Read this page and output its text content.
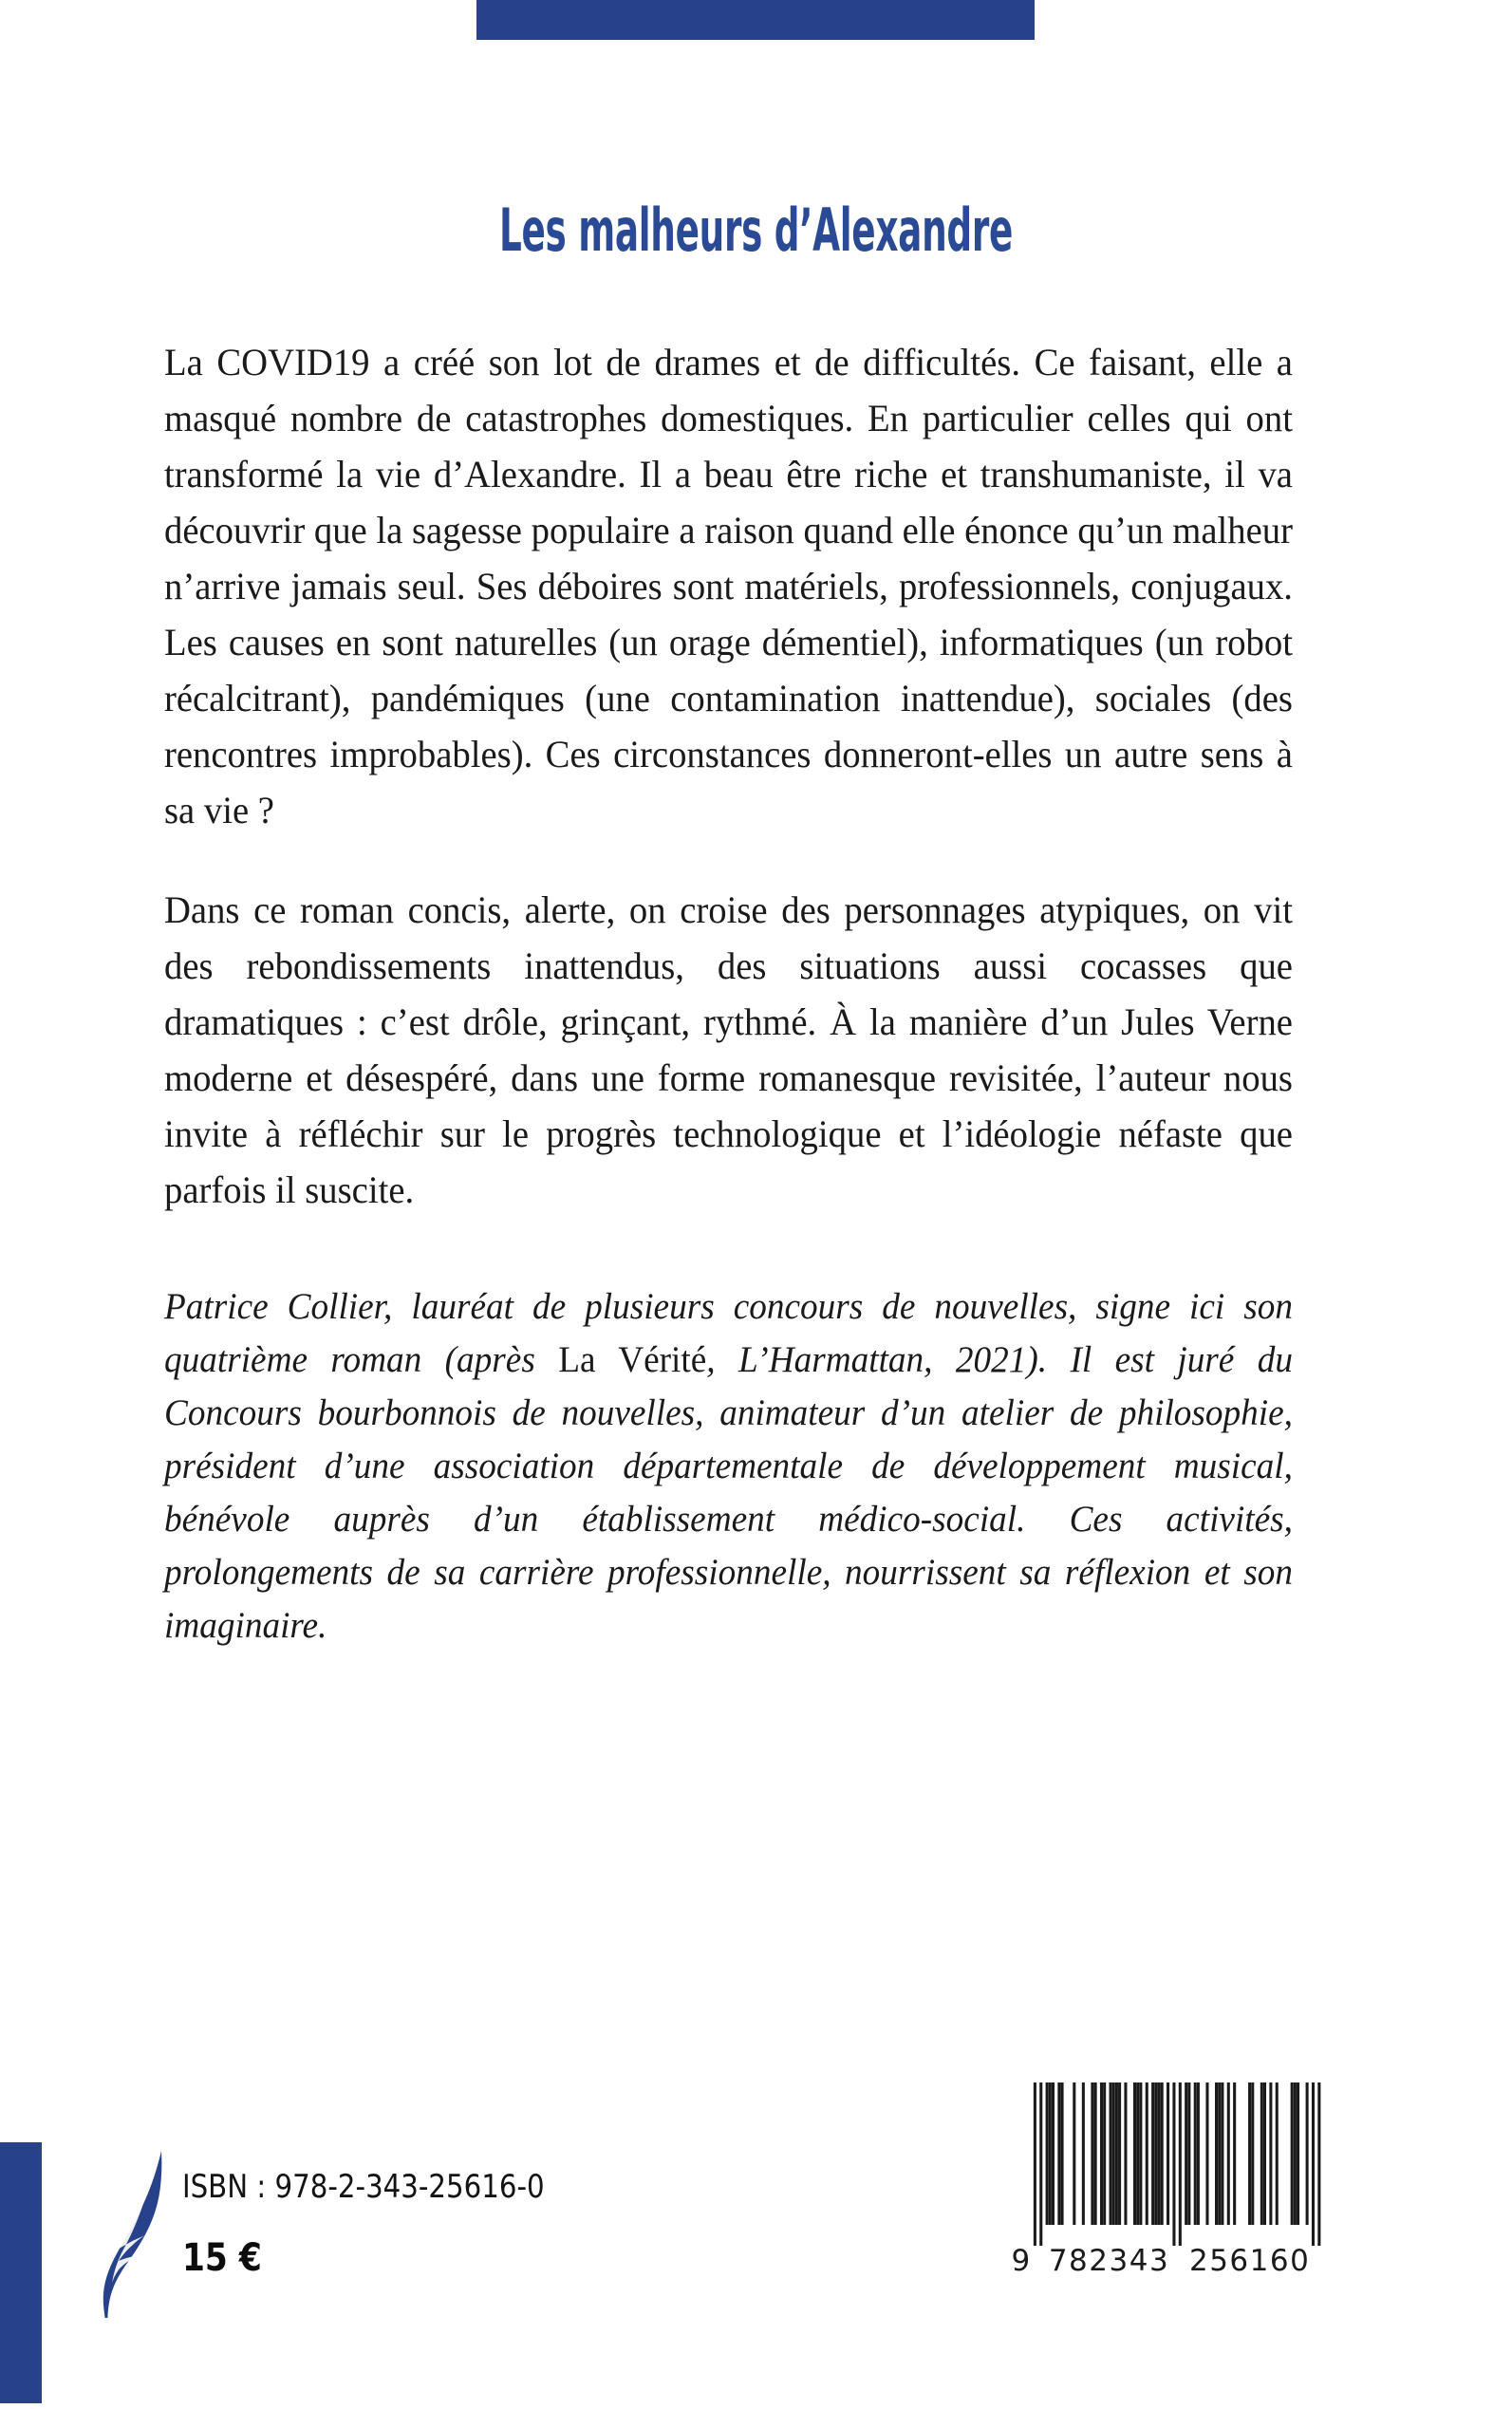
Les malheurs d’Alexandre

La COVID19 a créé son lot de drames et de difficultés. Ce faisant, elle a masqué nombre de catastrophes domestiques. En particulier celles qui ont transformé la vie d’Alexandre. Il a beau être riche et transhumaniste, il va découvrir que la sagesse populaire a raison quand elle énonce qu’un malheur n’arrive jamais seul. Ses déboires sont matériels, professionnels, conjugaux. Les causes en sont naturelles (un orage démentiel), informatiques (un robot récalcitrant), pandémiques (une contamination inattendue), sociales (des rencontres improbables). Ces circonstances donneront-elles un autre sens à sa vie ?

Dans ce roman concis, alerte, on croise des personnages atypiques, on vit des rebondissements inattendus, des situations aussi cocasses que dramatiques : c’est drôle, grinçant, rythmé. À la manière d’un Jules Verne moderne et désespéré, dans une forme romanesque revisitée, l’auteur nous invite à réfléchir sur le progrès technologique et l’idéologie néfaste que parfois il suscite.

Patrice Collier, lauréat de plusieurs concours de nouvelles, signe ici son quatrième roman (après La Vérité, L’Harmattan, 2021). Il est juré du Concours bourbonnois de nouvelles, animateur d’un atelier de philosophie, président d’une association départementale de développement musical, bénévole auprès d’un établissement médico-social. Ces activités, prolongements de sa carrière professionnelle, nourrissent sa réflexion et son imaginaire.

ISBN : 978-2-343-25616-0
15 €	9 782343 256160
